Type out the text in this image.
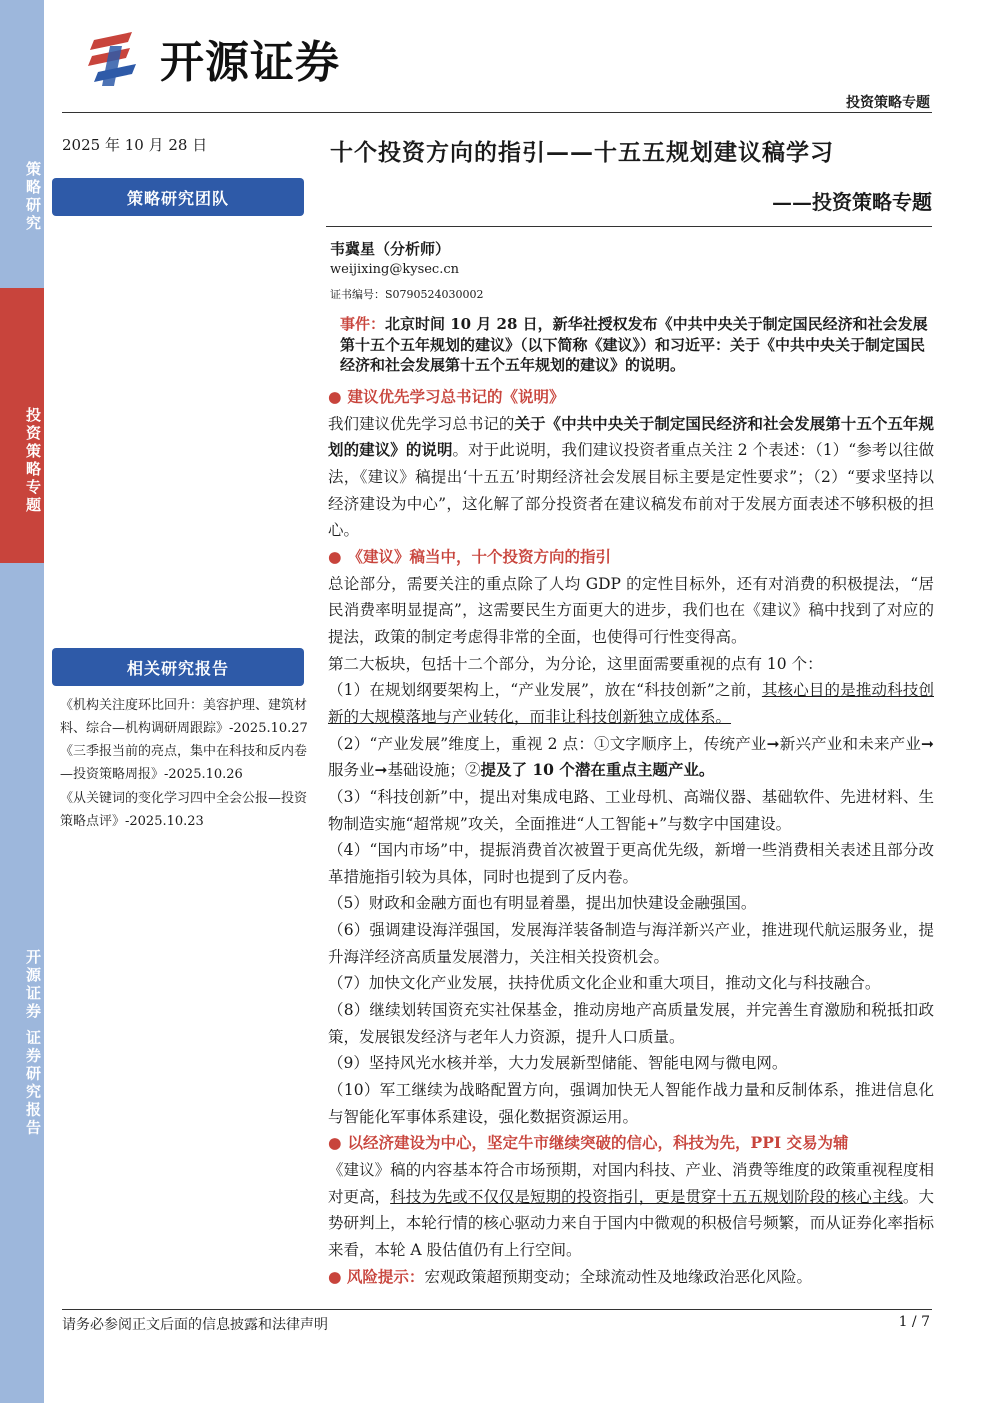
策略研究
投资策略专题
开源证券 证券研究报告
开源证券
投资策略专题
2025 年 10 月 28 日
策略研究团队
相关研究报告
《机构关注度环比回升：美容护理、建筑材料、综合—机构调研周跟踪》-2025.10.27
《三季报当前的亮点，集中在科技和反内卷—投资策略周报》-2025.10.26
《从关键词的变化学习四中全会公报—投资策略点评》-2025.10.23
十个投资方向的指引——十五五规划建议稿学习
——投资策略专题
韦冀星（分析师）
weijixing@kysec.cn
证书编号：S0790524030002
事件：北京时间 10 月 28 日，新华社授权发布《中共中央关于制定国民经济和社会发展第十五个五年规划的建议》（以下简称《建议》）和习近平：关于《中共中央关于制定国民经济和社会发展第十五个五年规划的建议》的说明。
● 建议优先学习总书记的《说明》
我们建议优先学习总书记的关于《中共中央关于制定国民经济和社会发展第十五个五年规划的建议》的说明。对于此说明，我们建议投资者重点关注 2 个表述：（1）“参考以往做法，《建议》稿提出‘十五五’时期经济社会发展目标主要是定性要求”；（2）“要求坚持以经济建设为中心”，这化解了部分投资者在建议稿发布前对于发展方面表述不够积极的担心。
● 《建议》稿当中，十个投资方向的指引
总论部分，需要关注的重点除了人均 GDP 的定性目标外，还有对消费的积极提法，“居民消费率明显提高”，这需要民生方面更大的进步，我们也在《建议》稿中找到了对应的提法，政策的制定考虑得非常的全面，也使得可行性变得高。
第二大板块，包括十二个部分，为分论，这里面需要重视的点有 10 个：
（1）在规划纲要架构上，“产业发展”，放在“科技创新”之前，其核心目的是推动科技创新的大规模落地与产业转化，而非让科技创新独立成体系。
（2）“产业发展”维度上，重视 2 点：①文字顺序上，传统产业➞新兴产业和未来产业➞服务业➞基础设施；②提及了 10 个潜在重点主题产业。
（3）“科技创新”中，提出对集成电路、工业母机、高端仪器、基础软件、先进材料、生物制造实施“超常规”攻关，全面推进“人工智能+”与数字中国建设。
（4）“国内市场”中，提振消费首次被置于更高优先级，新增一些消费相关表述且部分改革措施指引较为具体，同时也提到了反内卷。
（5）财政和金融方面也有明显着墨，提出加快建设金融强国。
（6）强调建设海洋强国，发展海洋装备制造与海洋新兴产业，推进现代航运服务业，提升海洋经济高质量发展潜力，关注相关投资机会。
（7）加快文化产业发展，扶持优质文化企业和重大项目，推动文化与科技融合。
（8）继续划转国资充实社保基金，推动房地产高质量发展，并完善生育激励和税抵扣政策，发展银发经济与老年人力资源，提升人口质量。
（9）坚持风光水核并举，大力发展新型储能、智能电网与微电网。
（10）军工继续为战略配置方向，强调加快无人智能作战力量和反制体系，推进信息化与智能化军事体系建设，强化数据资源运用。
● 以经济建设为中心，坚定牛市继续突破的信心，科技为先，PPI 交易为辅
《建议》稿的内容基本符合市场预期，对国内科技、产业、消费等维度的政策重视程度相对更高，科技为先或不仅仅是短期的投资指引，更是贯穿十五五规划阶段的核心主线。大势研判上，本轮行情的核心驱动力来自于国内中微观的积极信号频繁，而从证券化率指标来看，本轮 A 股估值仍有上行空间。
● 风险提示：宏观政策超预期变动；全球流动性及地缘政治恶化风险。
请务必参阅正文后面的信息披露和法律声明	1 / 7
